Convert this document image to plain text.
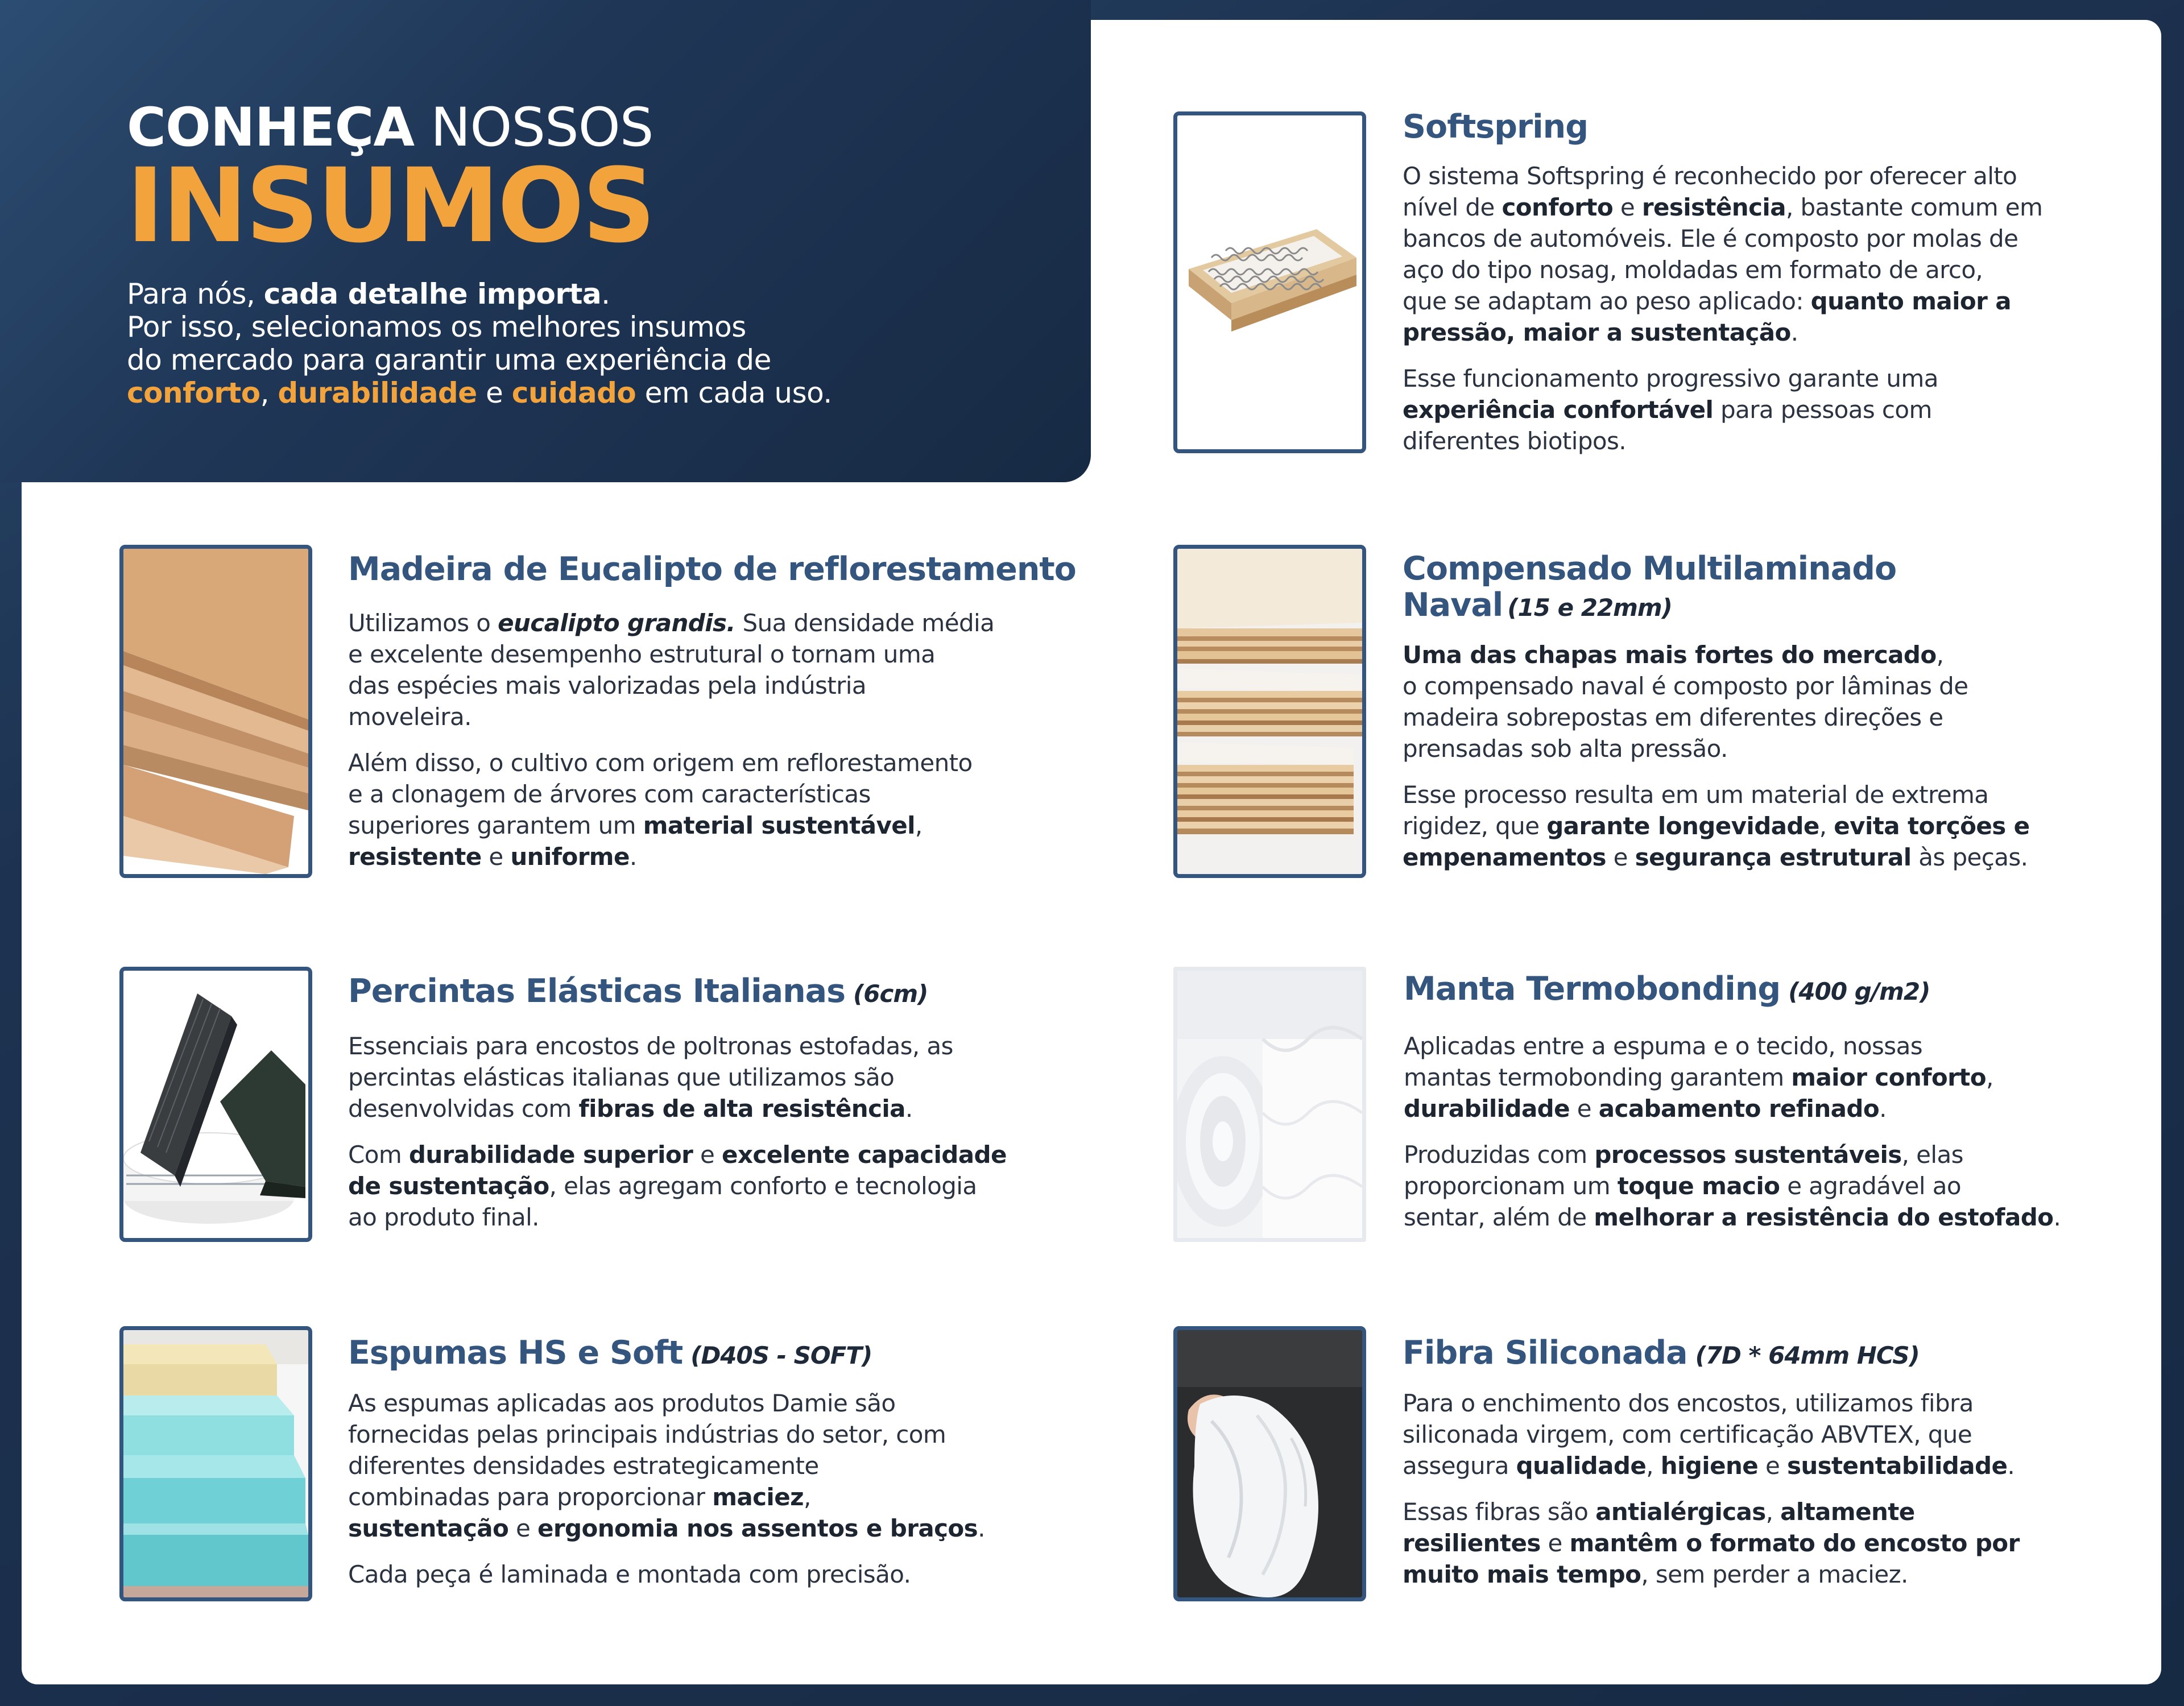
CONHEÇA NOSSOS
INSUMOS
Para nós, cada detalhe importa.
Por isso, selecionamos os melhores insumos
do mercado para garantir uma experiência de
conforto, durabilidade e cuidado em cada uso.
Softspring

O sistema Softspring é reconhecido por oferecer alto
nível de conforto e resistência, bastante comum em
bancos de automóveis. Ele é composto por molas de
aço do tipo nosag, moldadas em formato de arco,
que se adaptam ao peso aplicado: quanto maior a
pressão, maior a sustentação.

Esse funcionamento progressivo garante uma
experiência confortável para pessoas com
diferentes biotipos.

Madeira de Eucalipto de reflorestamento

Utilizamos o eucalipto grandis. Sua densidade média
e excelente desempenho estrutural o tornam uma
das espécies mais valorizadas pela indústria
moveleira.

Além disso, o cultivo com origem em reflorestamento
e a clonagem de árvores com características
superiores garantem um material sustentável,
resistente e uniforme.

Compensado Multilaminado
Naval (15 e 22mm)

Uma das chapas mais fortes do mercado,
o compensado naval é composto por lâminas de
madeira sobrepostas em diferentes direções e
prensadas sob alta pressão.

Esse processo resulta em um material de extrema
rigidez, que garante longevidade, evita torções e
empenamentos e segurança estrutural às peças.

Percintas Elásticas Italianas (6cm)

Essenciais para encostos de poltronas estofadas, as
percintas elásticas italianas que utilizamos são
desenvolvidas com fibras de alta resistência.

Com durabilidade superior e excelente capacidade
de sustentação, elas agregam conforto e tecnologia
ao produto final.

Manta Termobonding (400 g/m2)

Aplicadas entre a espuma e o tecido, nossas
mantas termobonding garantem maior conforto,
durabilidade e acabamento refinado.

Produzidas com processos sustentáveis, elas
proporcionam um toque macio e agradável ao
sentar, além de melhorar a resistência do estofado.

Espumas HS e Soft (D40S - SOFT)

As espumas aplicadas aos produtos Damie são
fornecidas pelas principais indústrias do setor, com
diferentes densidades estrategicamente
combinadas para proporcionar maciez,
sustentação e ergonomia nos assentos e braços.

Cada peça é laminada e montada com precisão.

Fibra Siliconada (7D * 64mm HCS)

Para o enchimento dos encostos, utilizamos fibra
siliconada virgem, com certificação ABVTEX, que
assegura qualidade, higiene e sustentabilidade.

Essas fibras são antialérgicas, altamente
resilientes e mantêm o formato do encosto por
muito mais tempo, sem perder a maciez.
